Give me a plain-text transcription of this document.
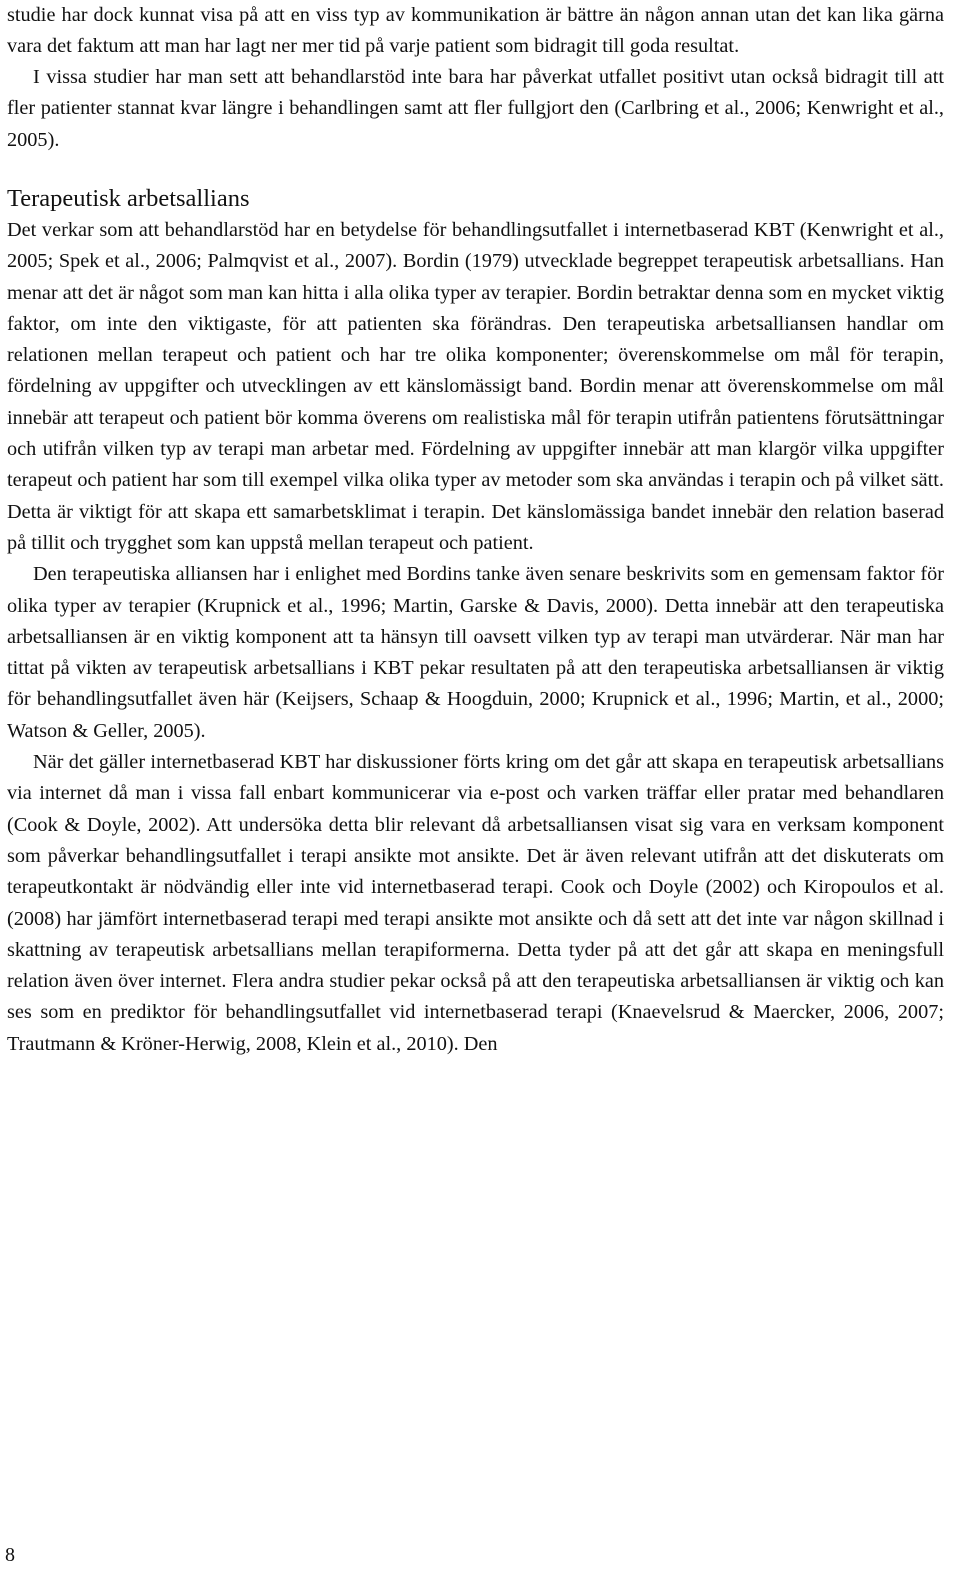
studie har dock kunnat visa på att en viss typ av kommunikation är bättre än någon annan utan det kan lika gärna vara det faktum att man har lagt ner mer tid på varje patient som bidragit till goda resultat.

I vissa studier har man sett att behandlarstöd inte bara har påverkat utfallet positivt utan också bidragit till att fler patienter stannat kvar längre i behandlingen samt att fler fullgjort den (Carlbring et al., 2006; Kenwright et al., 2005).

Terapeutisk arbetsallians

Det verkar som att behandlarstöd har en betydelse för behandlingsutfallet i internetbaserad KBT (Kenwright et al., 2005; Spek et al., 2006; Palmqvist et al., 2007). Bordin (1979) utvecklade begreppet terapeutisk arbetsallians. Han menar att det är något som man kan hitta i alla olika typer av terapier. Bordin betraktar denna som en mycket viktig faktor, om inte den viktigaste, för att patienten ska förändras. Den terapeutiska arbetsalliansen handlar om relationen mellan terapeut och patient och har tre olika komponenter; överenskommelse om mål för terapin, fördelning av uppgifter och utvecklingen av ett känslomässigt band. Bordin menar att överenskommelse om mål innebär att terapeut och patient bör komma överens om realistiska mål för terapin utifrån patientens förutsättningar och utifrån vilken typ av terapi man arbetar med. Fördelning av uppgifter innebär att man klargör vilka uppgifter terapeut och patient har som till exempel vilka olika typer av metoder som ska användas i terapin och på vilket sätt. Detta är viktigt för att skapa ett samarbetsklimat i terapin. Det känslomässiga bandet innebär den relation baserad på tillit och trygghet som kan uppstå mellan terapeut och patient.

Den terapeutiska alliansen har i enlighet med Bordins tanke även senare beskrivits som en gemensam faktor för olika typer av terapier (Krupnick et al., 1996; Martin, Garske & Davis, 2000). Detta innebär att den terapeutiska arbetsalliansen är en viktig komponent att ta hänsyn till oavsett vilken typ av terapi man utvärderar. När man har tittat på vikten av terapeutisk arbetsallians i KBT pekar resultaten på att den terapeutiska arbetsalliansen är viktig för behandlingsutfallet även här (Keijsers, Schaap & Hoogduin, 2000; Krupnick et al., 1996; Martin, et al., 2000; Watson & Geller, 2005).

När det gäller internetbaserad KBT har diskussioner förts kring om det går att skapa en terapeutisk arbetsallians via internet då man i vissa fall enbart kommunicerar via e-post och varken träffar eller pratar med behandlaren (Cook & Doyle, 2002). Att undersöka detta blir relevant då arbetsalliansen visat sig vara en verksam komponent som påverkar behandlingsutfallet i terapi ansikte mot ansikte. Det är även relevant utifrån att det diskuterats om terapeutkontakt är nödvändig eller inte vid internetbaserad terapi. Cook och Doyle (2002) och Kiropoulos et al. (2008) har jämfört internetbaserad terapi med terapi ansikte mot ansikte och då sett att det inte var någon skillnad i skattning av terapeutisk arbetsallians mellan terapiformerna. Detta tyder på att det går att skapa en meningsfull relation även över internet. Flera andra studier pekar också på att den terapeutiska arbetsalliansen är viktig och kan ses som en prediktor för behandlingsutfallet vid internetbaserad terapi (Knaevelsrud & Maercker, 2006, 2007; Trautmann & Kröner-Herwig, 2008, Klein et al., 2010). Den

8
